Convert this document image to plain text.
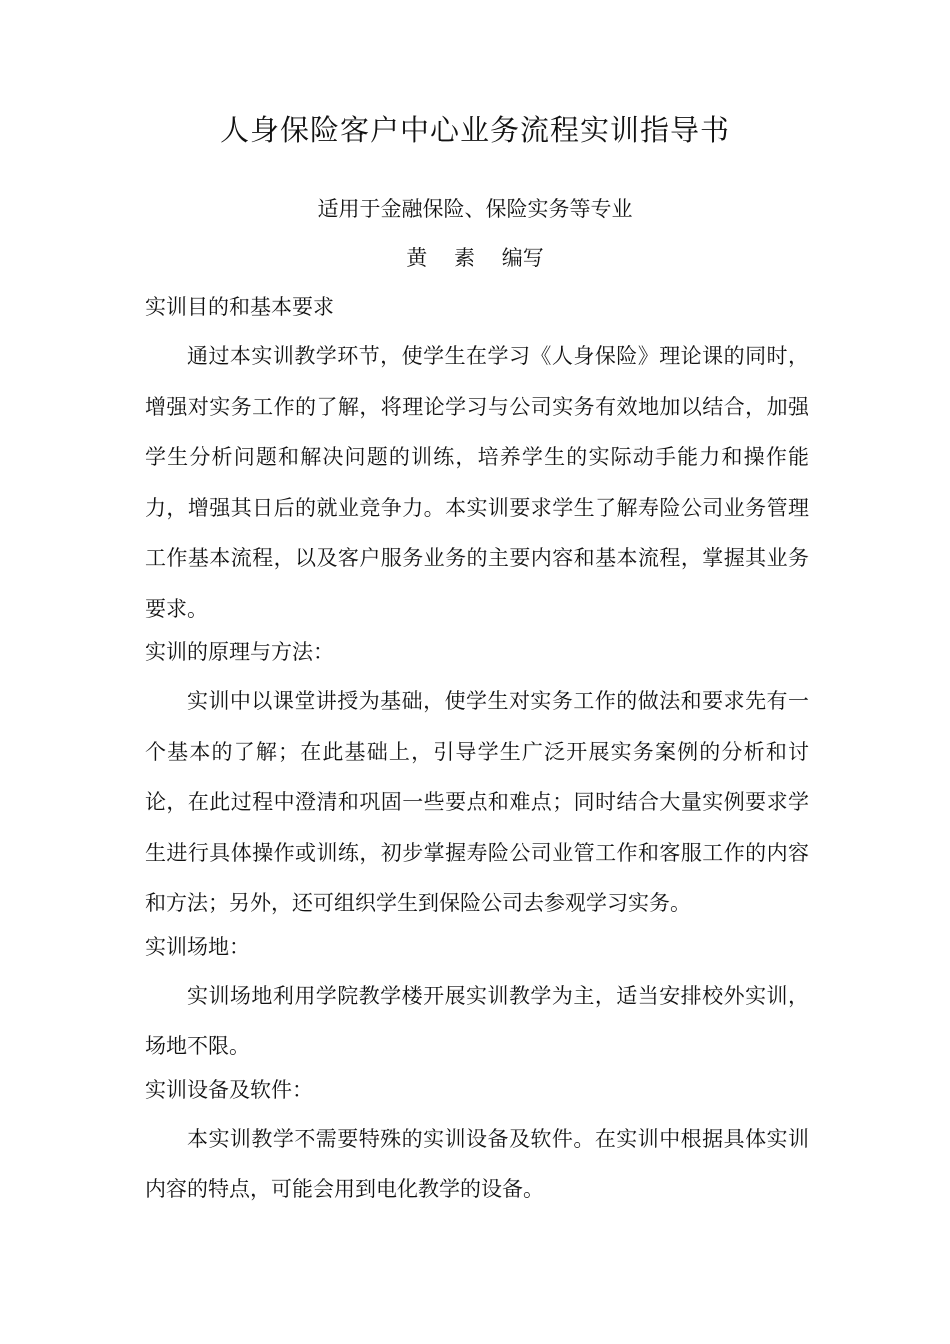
人身保险客户中心业务流程实训指导书

适用于金融保险、保险实务等专业

黄    素    编写

实训目的和基本要求

通过本实训教学环节，使学生在学习《人身保险》理论课的同时，增强对实务工作的了解，将理论学习与公司实务有效地加以结合，加强学生分析问题和解决问题的训练，培养学生的实际动手能力和操作能力，增强其日后的就业竞争力。本实训要求学生了解寿险公司业务管理工作基本流程，以及客户服务业务的主要内容和基本流程，掌握其业务要求。

实训的原理与方法：

实训中以课堂讲授为基础，使学生对实务工作的做法和要求先有一个基本的了解；在此基础上，引导学生广泛开展实务案例的分析和讨论，在此过程中澄清和巩固一些要点和难点；同时结合大量实例要求学生进行具体操作或训练，初步掌握寿险公司业管工作和客服工作的内容和方法；另外，还可组织学生到保险公司去参观学习实务。

实训场地：

实训场地利用学院教学楼开展实训教学为主，适当安排校外实训，场地不限。

实训设备及软件：

本实训教学不需要特殊的实训设备及软件。在实训中根据具体实训内容的特点，可能会用到电化教学的设备。
